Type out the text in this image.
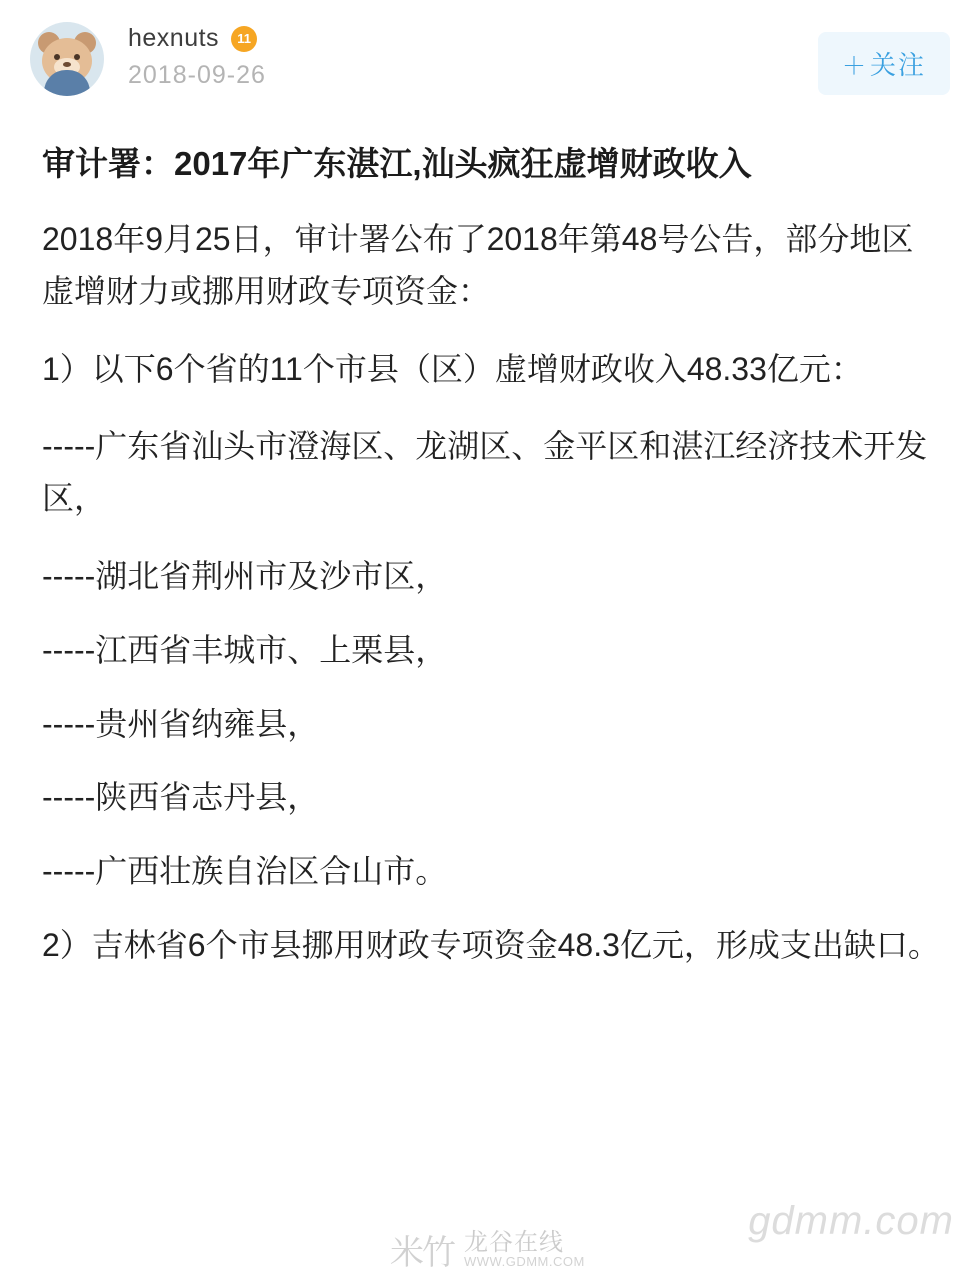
hexnuts	11
2018-09-26	＋关注
审计署：2017年广东湛江,汕头疯狂虚增财政收入

2018年9月25日，审计署公布了2018年第48号公告，部分地区虚增财力或挪用财政专项资金：

1）以下6个省的11个市县（区）虚增财政收入48.33亿元：

-----广东省汕头市澄海区、龙湖区、金平区和湛江经济技术开发区，

-----湖北省荆州市及沙市区，

-----江西省丰城市、上栗县，

-----贵州省纳雍县，

-----陕西省志丹县，

-----广西壮族自治区合山市。

2）吉林省6个市县挪用财政专项资金48.3亿元，形成支出缺口。

gdmm.com
米竹 龙谷在线
WWW.GDMM.COM
